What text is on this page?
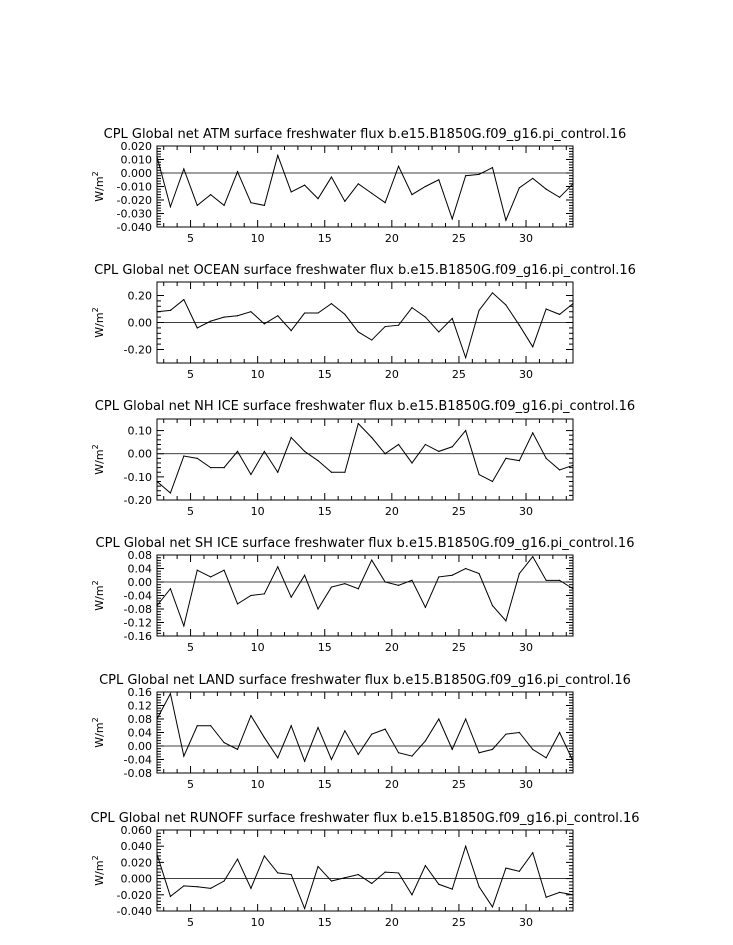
CPL Global net ATM surface freshwater flux b.e15.B1850G.f09_g16.pi_control.16
5	10	15	20	25	30
-0.040
-0.030
-0.020
-0.010
0.000
0.010
0.020
$W/m^2$
CPL Global net OCEAN surface freshwater flux b.e15.B1850G.f09_g16.pi_control.16
5	10	15	20	25	30
-0.20
0.00
0.20
$W/m^2$
CPL Global net NH ICE surface freshwater flux b.e15.B1850G.f09_g16.pi_control.16
5	10	15	20	25	30
-0.20
-0.10
0.00
0.10
$W/m^2$
CPL Global net SH ICE surface freshwater flux b.e15.B1850G.f09_g16.pi_control.16
5	10	15	20	25	30
-0.16
-0.12
-0.08
-0.04
0.00
0.04
0.08
$W/m^2$
CPL Global net LAND surface freshwater flux b.e15.B1850G.f09_g16.pi_control.16
5	10	15	20	25	30
-0.08
-0.04
0.00
0.04
0.08
0.12
0.16
$W/m^2$
CPL Global net RUNOFF surface freshwater flux b.e15.B1850G.f09_g16.pi_control.16
5	10	15	20	25	30
-0.040
-0.020
0.000
0.020
0.040
0.060
$W/m^2$
